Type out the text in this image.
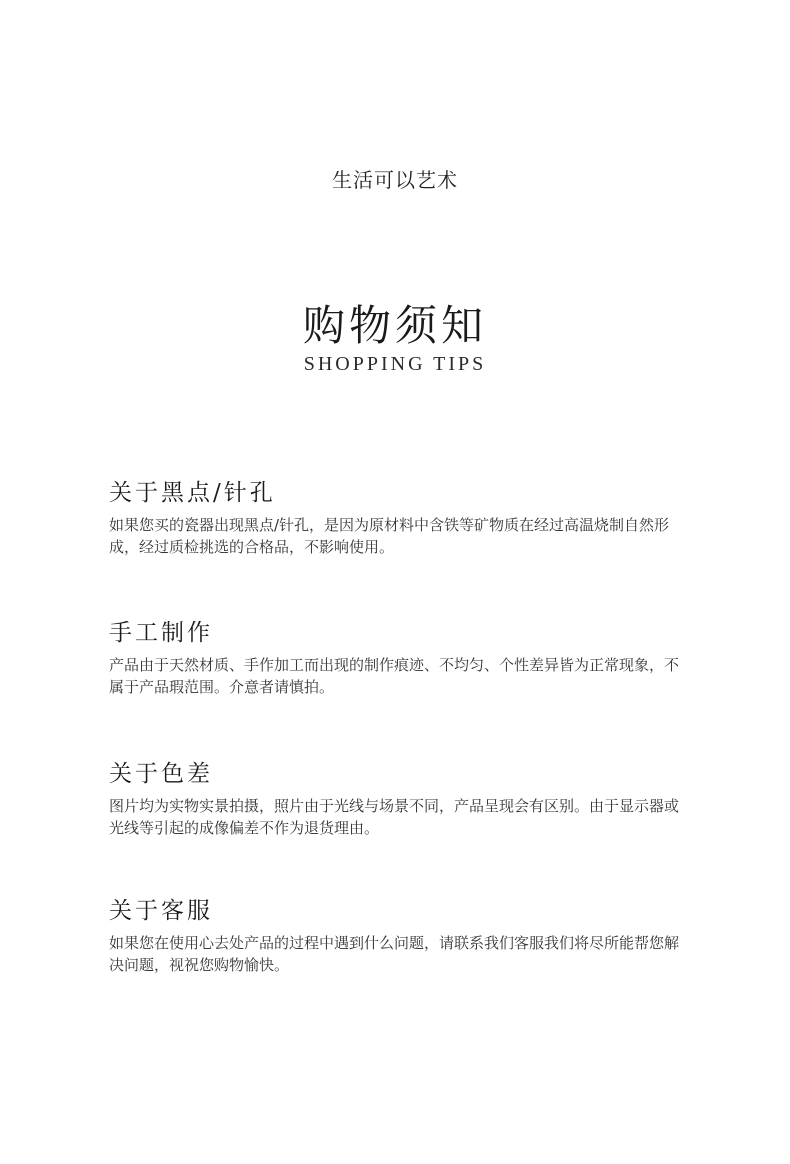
生活可以艺术
购物须知
SHOPPING TIPS
关于黑点/针孔

如果您买的瓷器出现黑点/针孔，是因为原材料中含铁等矿物质在经过高温烧制自然形成，经过质检挑选的合格品，不影响使用。

手工制作

产品由于天然材质、手作加工而出现的制作痕迹、不均匀、个性差异皆为正常现象，不属于产品瑕范围。介意者请慎拍。

关于色差

图片均为实物实景拍摄，照片由于光线与场景不同，产品呈现会有区别。由于显示器或光线等引起的成像偏差不作为退货理由。

关于客服

如果您在使用心去处产品的过程中遇到什么问题，请联系我们客服我们将尽所能帮您解决问题，视祝您购物愉快。
